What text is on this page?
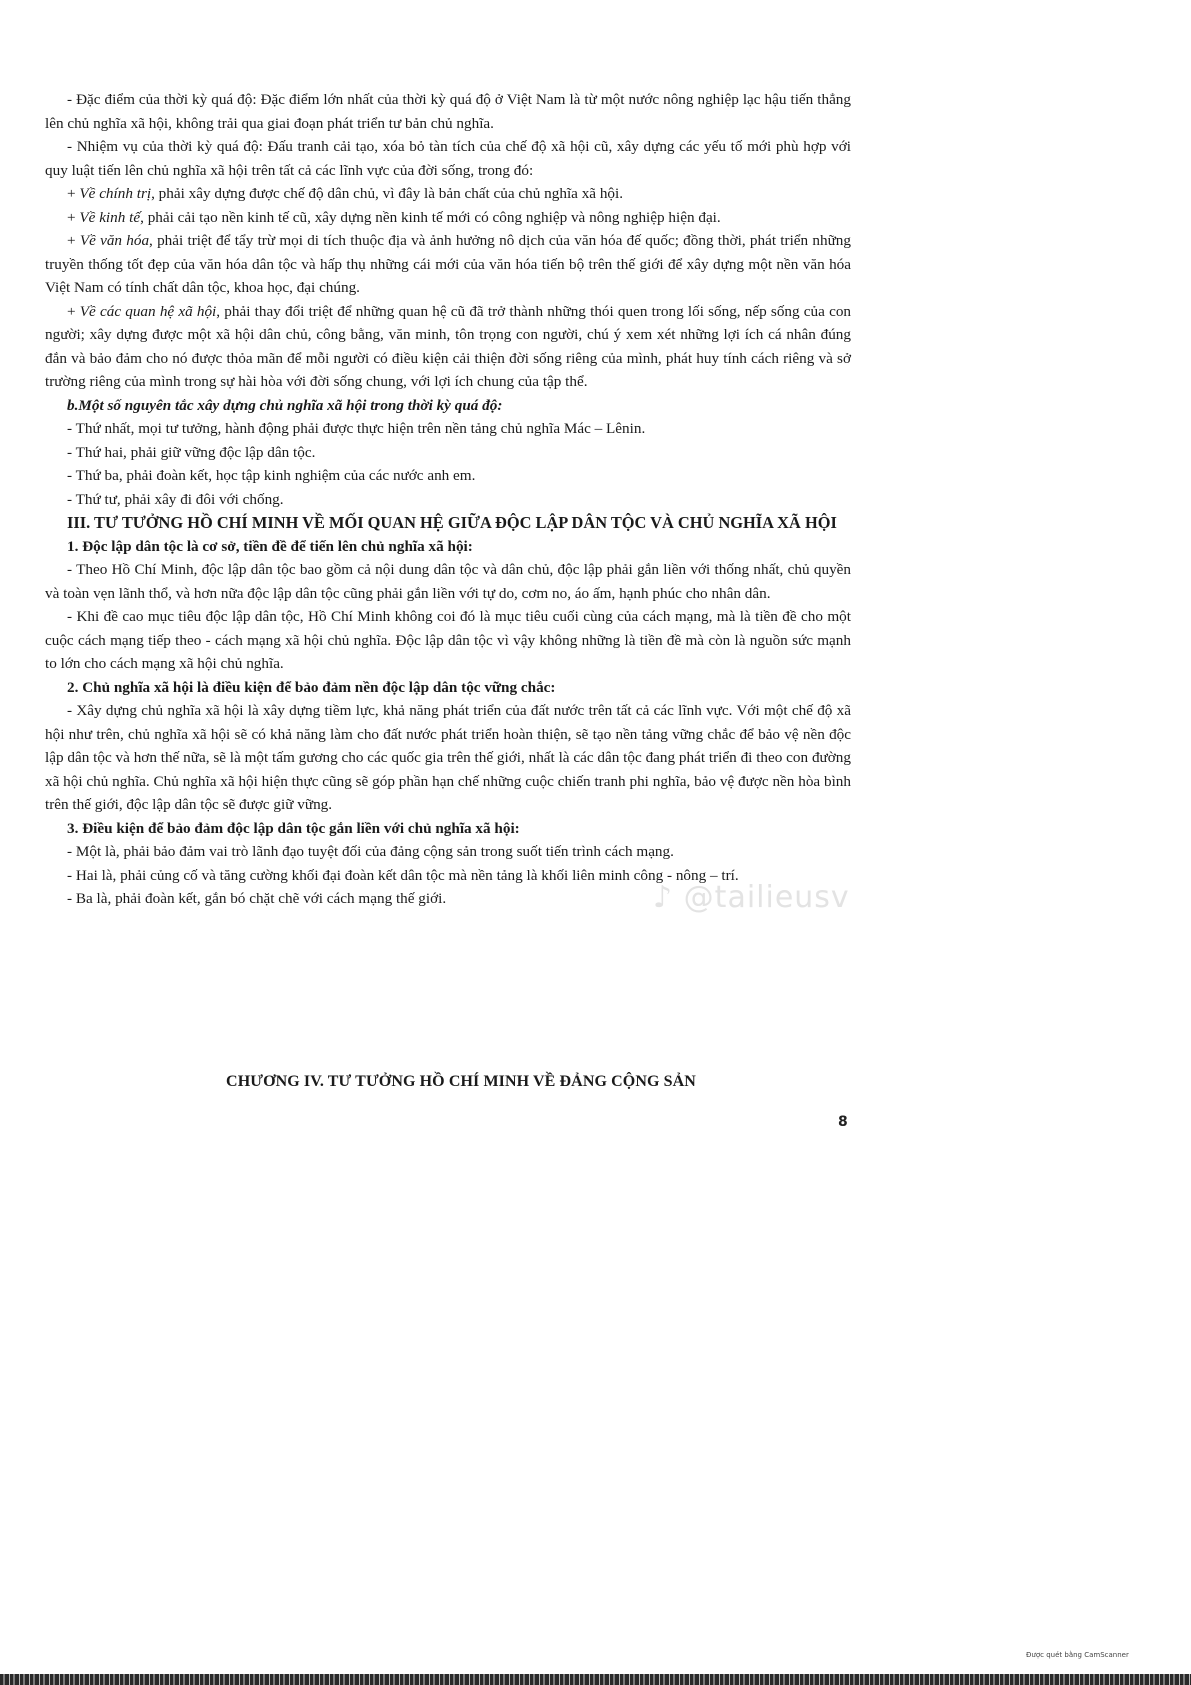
- Đặc điểm của thời kỳ quá độ: Đặc điểm lớn nhất của thời kỳ quá độ ở Việt Nam là từ một nước nông nghiệp lạc hậu tiến thẳng lên chủ nghĩa xã hội, không trải qua giai đoạn phát triển tư bản chủ nghĩa.

- Nhiệm vụ của thời kỳ quá độ: Đấu tranh cải tạo, xóa bỏ tàn tích của chế độ xã hội cũ, xây dựng các yếu tố mới phù hợp với quy luật tiến lên chủ nghĩa xã hội trên tất cả các lĩnh vực của đời sống, trong đó:

+ Về chính trị, phải xây dựng được chế độ dân chủ, vì đây là bản chất của chủ nghĩa xã hội.

+ Về kinh tế, phải cải tạo nền kinh tế cũ, xây dựng nền kinh tế mới có công nghiệp và nông nghiệp hiện đại.

+ Về văn hóa, phải triệt để tẩy trừ mọi di tích thuộc địa và ảnh hưởng nô dịch của văn hóa đế quốc; đồng thời, phát triển những truyền thống tốt đẹp của văn hóa dân tộc và hấp thụ những cái mới của văn hóa tiến bộ trên thế giới để xây dựng một nền văn hóa Việt Nam có tính chất dân tộc, khoa học, đại chúng.

+ Về các quan hệ xã hội, phải thay đổi triệt để những quan hệ cũ đã trở thành những thói quen trong lối sống, nếp sống của con người; xây dựng được một xã hội dân chủ, công bằng, văn minh, tôn trọng con người, chú ý xem xét những lợi ích cá nhân đúng đắn và bảo đảm cho nó được thỏa mãn để mỗi người có điều kiện cải thiện đời sống riêng của mình, phát huy tính cách riêng và sở trường riêng của mình trong sự hài hòa với đời sống chung, với lợi ích chung của tập thể.

b.Một số nguyên tắc xây dựng chủ nghĩa xã hội trong thời kỳ quá độ:

- Thứ nhất, mọi tư tưởng, hành động phải được thực hiện trên nền tảng chủ nghĩa Mác – Lênin.

- Thứ hai, phải giữ vững độc lập dân tộc.

- Thứ ba, phải đoàn kết, học tập kinh nghiệm của các nước anh em.

- Thứ tư, phải xây đi đôi với chống.

III. TƯ TƯỞNG HỒ CHÍ MINH VỀ MỐI QUAN HỆ GIỮA ĐỘC LẬP DÂN TỘC VÀ CHỦ NGHĨA XÃ HỘI

1. Độc lập dân tộc là cơ sở, tiền đề để tiến lên chủ nghĩa xã hội:

- Theo Hồ Chí Minh, độc lập dân tộc bao gồm cả nội dung dân tộc và dân chủ, độc lập phải gắn liền với thống nhất, chủ quyền và toàn vẹn lãnh thổ, và hơn nữa độc lập dân tộc cũng phải gắn liền với tự do, cơm no, áo ấm, hạnh phúc cho nhân dân.

- Khi đề cao mục tiêu độc lập dân tộc, Hồ Chí Minh không coi đó là mục tiêu cuối cùng của cách mạng, mà là tiền đề cho một cuộc cách mạng tiếp theo - cách mạng xã hội chủ nghĩa. Độc lập dân tộc vì vậy không những là tiền đề mà còn là nguồn sức mạnh to lớn cho cách mạng xã hội chủ nghĩa.

2. Chủ nghĩa xã hội là điều kiện để bảo đảm nền độc lập dân tộc vững chắc:

- Xây dựng chủ nghĩa xã hội là xây dựng tiềm lực, khả năng phát triển của đất nước trên tất cả các lĩnh vực. Với một chế độ xã hội như trên, chủ nghĩa xã hội sẽ có khả năng làm cho đất nước phát triển hoàn thiện, sẽ tạo nền tảng vững chắc để bảo vệ nền độc lập dân tộc và hơn thế nữa, sẽ là một tấm gương cho các quốc gia trên thế giới, nhất là các dân tộc đang phát triển đi theo con đường xã hội chủ nghĩa. Chủ nghĩa xã hội hiện thực cũng sẽ góp phần hạn chế những cuộc chiến tranh phi nghĩa, bảo vệ được nền hòa bình trên thế giới, độc lập dân tộc sẽ được giữ vững.

3. Điều kiện để bảo đảm độc lập dân tộc gắn liền với chủ nghĩa xã hội:

- Một là, phải bảo đảm vai trò lãnh đạo tuyệt đối của đảng cộng sản trong suốt tiến trình cách mạng.

- Hai là, phải củng cố và tăng cường khối đại đoàn kết dân tộc mà nền tảng là khối liên minh công - nông – trí.

- Ba là, phải đoàn kết, gắn bó chặt chẽ với cách mạng thế giới.	♪ @tailieusv

CHƯƠNG IV. TƯ TƯỞNG HỒ CHÍ MINH VỀ ĐẢNG CỘNG SẢN

8
Được quét bằng CamScanner
